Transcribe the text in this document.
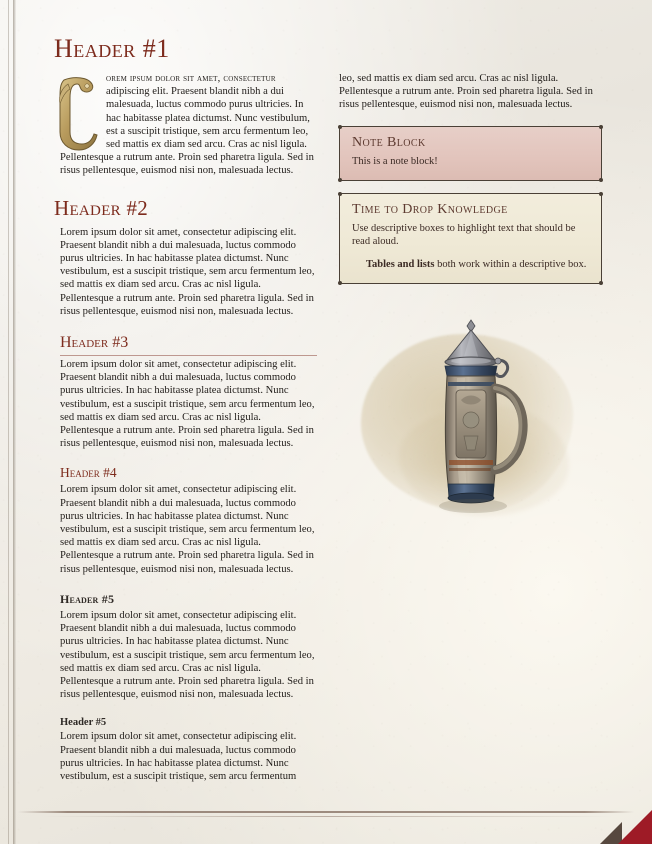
Header #1

orem ipsum dolor sit amet, consectetur adipiscing elit. Praesent blandit nibh a dui malesuada, luctus commodo purus ultricies. In hac habitasse platea dictumst. Nunc vestibulum, est a suscipit tristique, sem arcu fermentum leo, sed mattis ex diam sed arcu. Cras ac nisl ligula. Pellentesque a rutrum ante. Proin sed pharetra ligula. Sed in risus pellentesque, euismod nisi non, malesuada lectus.

Header #2

Lorem ipsum dolor sit amet, consectetur adipiscing elit. Praesent blandit nibh a dui malesuada, luctus commodo purus ultricies. In hac habitasse platea dictumst. Nunc vestibulum, est a suscipit tristique, sem arcu fermentum leo, sed mattis ex diam sed arcu. Cras ac nisl ligula. Pellentesque a rutrum ante. Proin sed pharetra ligula. Sed in risus pellentesque, euismod nisi non, malesuada lectus.

Header #3

Lorem ipsum dolor sit amet, consectetur adipiscing elit. Praesent blandit nibh a dui malesuada, luctus commodo purus ultricies. In hac habitasse platea dictumst. Nunc vestibulum, est a suscipit tristique, sem arcu fermentum leo, sed mattis ex diam sed arcu. Cras ac nisl ligula. Pellentesque a rutrum ante. Proin sed pharetra ligula. Sed in risus pellentesque, euismod nisi non, malesuada lectus.

Header #4

Lorem ipsum dolor sit amet, consectetur adipiscing elit. Praesent blandit nibh a dui malesuada, luctus commodo purus ultricies. In hac habitasse platea dictumst. Nunc vestibulum, est a suscipit tristique, sem arcu fermentum leo, sed mattis ex diam sed arcu. Cras ac nisl ligula. Pellentesque a rutrum ante. Proin sed pharetra ligula. Sed in risus pellentesque, euismod nisi non, malesuada lectus.

Header #5

Lorem ipsum dolor sit amet, consectetur adipiscing elit. Praesent blandit nibh a dui malesuada, luctus commodo purus ultricies. In hac habitasse platea dictumst. Nunc vestibulum, est a suscipit tristique, sem arcu fermentum leo, sed mattis ex diam sed arcu. Cras ac nisl ligula. Pellentesque a rutrum ante. Proin sed pharetra ligula. Sed in risus pellentesque, euismod nisi non, malesuada lectus.

Header #5

Lorem ipsum dolor sit amet, consectetur adipiscing elit. Praesent blandit nibh a dui malesuada, luctus commodo purus ultricies. In hac habitasse platea dictumst. Nunc vestibulum, est a suscipit tristique, sem arcu fermentum

leo, sed mattis ex diam sed arcu. Cras ac nisl ligula. Pellentesque a rutrum ante. Proin sed pharetra ligula. Sed in risus pellentesque, euismod nisi non, malesuada lectus.

Note Block
This is a note block!
Time to Drop Knowledge
Use descriptive boxes to highlight text that should be read aloud.
Tables and lists both work within a descriptive box.
